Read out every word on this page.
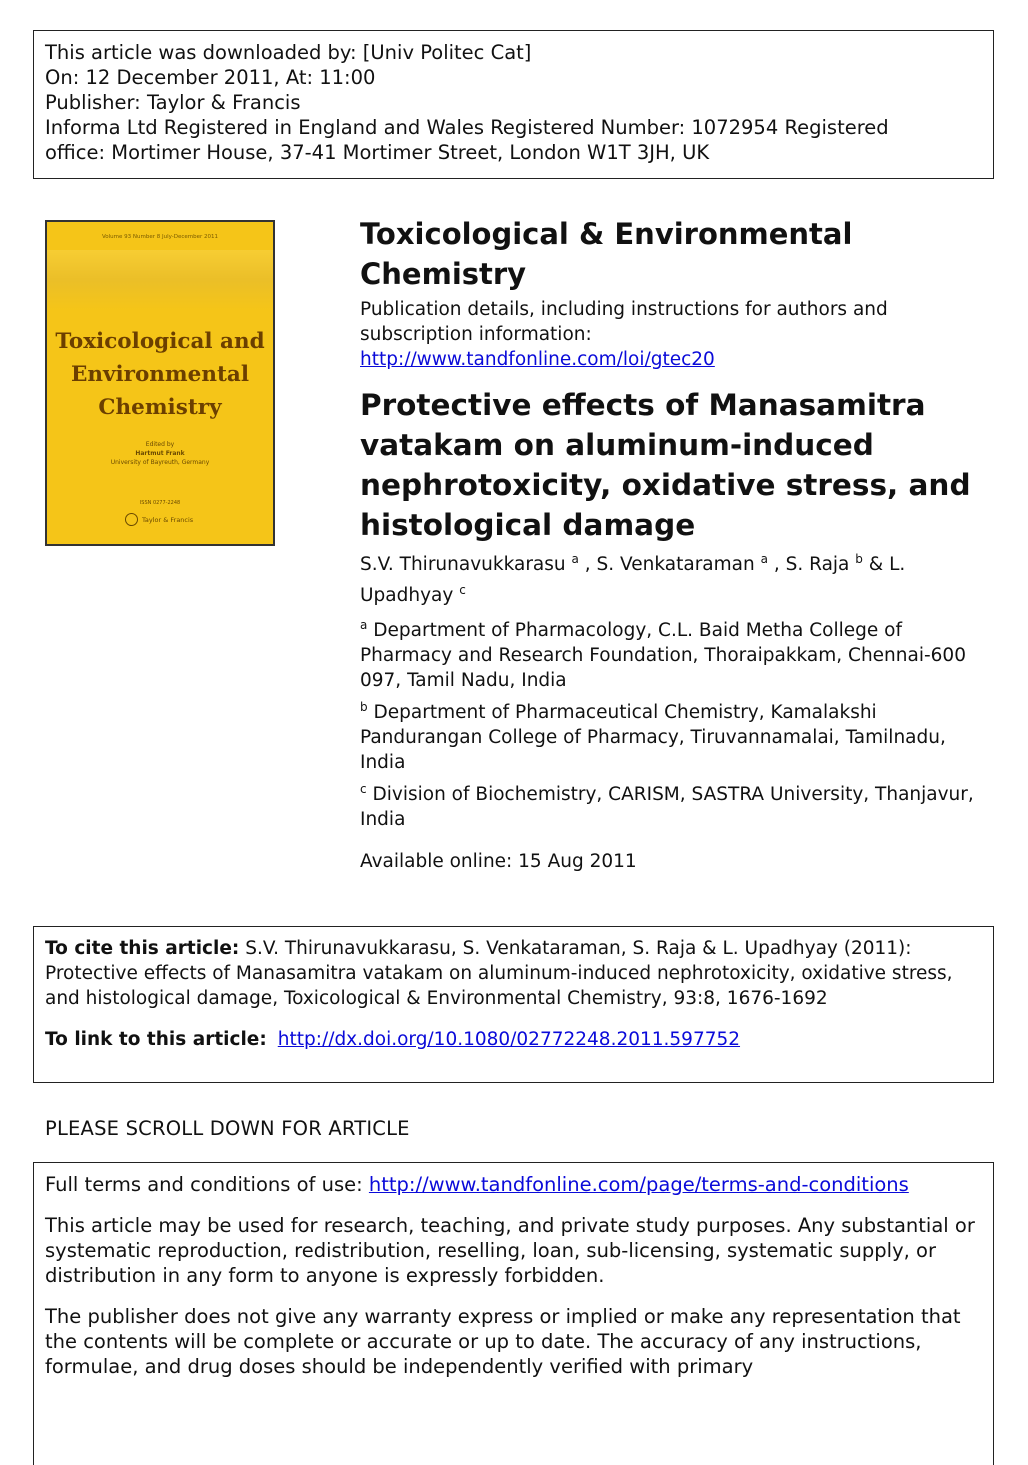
This article was downloaded by: [Univ Politec Cat]
On: 12 December 2011, At: 11:00
Publisher: Taylor & Francis
Informa Ltd Registered in England and Wales Registered Number: 1072954 Registered
office: Mortimer House, 37-41 Mortimer Street, London W1T 3JH, UK
Volume 93 Number 8 July-December 2011
Toxicological and
Environmental
Chemistry
Edited by
Hartmut Frank
University of Bayreuth, Germany
ISSN 0277-2248
Taylor & Francis
Toxicological & Environmental Chemistry
Publication details, including instructions for authors and subscription information:
http://www.tandfonline.com/loi/gtec20
Protective effects of Manasamitra vatakam on aluminum-induced nephrotoxicity, oxidative stress, and histological damage
S.V. Thirunavukkarasu $^a$ , S. Venkataraman $^a$ , S. Raja $^b$ & L. Upadhyay $^c$
$^a$ Department of Pharmacology, C.L. Baid Metha College of Pharmacy and Research Foundation, Thoraipakkam, Chennai-600 097, Tamil Nadu, India
$^b$ Department of Pharmaceutical Chemistry, Kamalakshi Pandurangan College of Pharmacy, Tiruvannamalai, Tamilnadu, India
$^c$ Division of Biochemistry, CARISM, SASTRA University, Thanjavur, India
Available online: 15 Aug 2011
To cite this article: S.V. Thirunavukkarasu, S. Venkataraman, S. Raja & L. Upadhyay (2011): Protective effects of Manasamitra vatakam on aluminum-induced nephrotoxicity, oxidative stress, and histological damage, Toxicological & Environmental Chemistry, 93:8, 1676-1692
To link to this article: http://dx.doi.org/10.1080/02772248.2011.597752
PLEASE SCROLL DOWN FOR ARTICLE

Full terms and conditions of use: http://www.tandfonline.com/page/terms-and-conditions

This article may be used for research, teaching, and private study purposes. Any substantial or systematic reproduction, redistribution, reselling, loan, sub-licensing, systematic supply, or distribution in any form to anyone is expressly forbidden.

The publisher does not give any warranty express or implied or make any representation that the contents will be complete or accurate or up to date. The accuracy of any instructions, formulae, and drug doses should be independently verified with primary
